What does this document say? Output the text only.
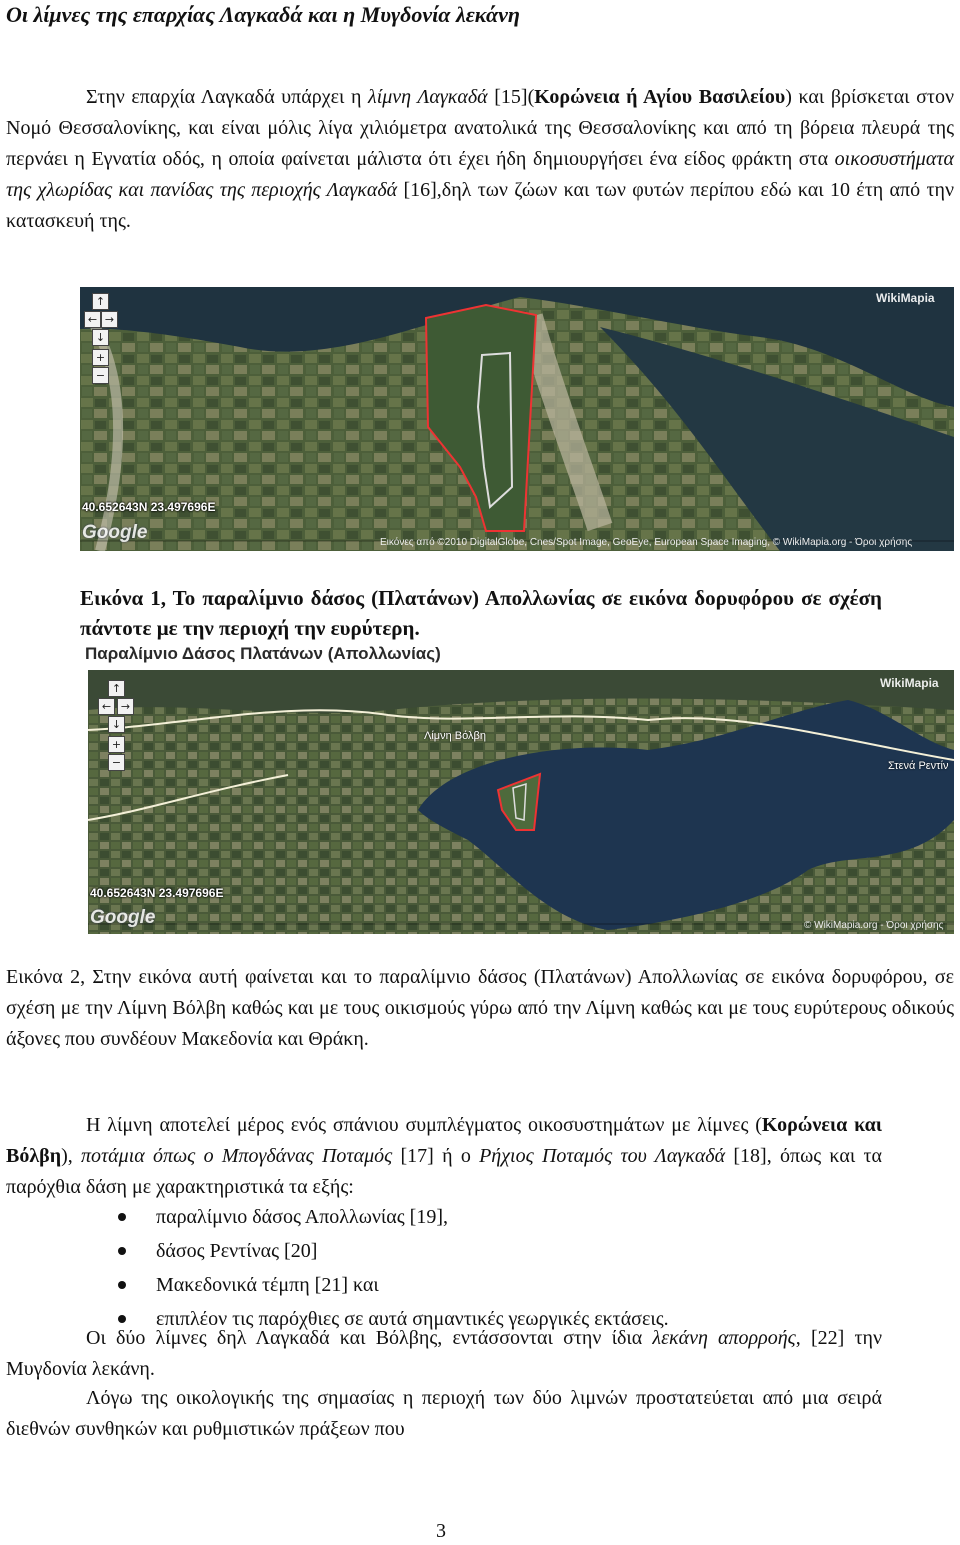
Οι λίμνες της επαρχίας Λαγκαδά και η Μυγδονία λεκάνη
Στην επαρχία Λαγκαδά υπάρχει η λίμνη Λαγκαδά [15](Κορώνεια ή Αγίου Βασιλείου) και βρίσκεται στον Νομό Θεσσαλονίκης, και είναι μόλις λίγα χιλιόμετρα ανατολικά της Θεσσαλονίκης και από τη βόρεια πλευρά της περνάει η Εγνατία οδός, η οποία φαίνεται μάλιστα ότι έχει ήδη δημιουργήσει ένα είδος φράκτη στα οικοσυστήματα της χλωρίδας και πανίδας της περιοχής Λαγκαδά [16],δηλ των ζώων και των φυτών περίπου εδώ και 10 έτη από την κατασκευή της.
↑
← →
↓
+
−
40.652643N 23.497696E
Google
WikiMapia
Εικόνες από ©2010 DigitalGlobe, Cnes/Spot Image, GeoEye, European Space Imaging, © WikiMapia.org - Όροι χρήσης
Εικόνα 1, Το παραλίμνιο δάσος (Πλατάνων) Απολλωνίας σε εικόνα δορυφόρου σε σχέση πάντοτε με την περιοχή την ευρύτερη.
Παραλίμνιο Δάσος Πλατάνων (Απολλωνίας)
↑
← →
↓
+
−
Λίμνη Βόλβη
Στενά Ρεντίν
40.652643N 23.497696E
Google
WikiMapia
© WikiMapia.org - Όροι χρήσης
Εικόνα 2, Στην εικόνα αυτή φαίνεται και το παραλίμνιο δάσος (Πλατάνων) Απολλωνίας σε εικόνα δορυφόρου, σε σχέση με την Λίμνη Βόλβη καθώς και με τους οικισμούς γύρω από την Λίμνη καθώς και με τους ευρύτερους οδικούς άξονες που συνδέουν Μακεδονία και Θράκη.
Η λίμνη αποτελεί μέρος ενός σπάνιου συμπλέγματος οικοσυστημάτων με λίμνες (Κορώνεια και Βόλβη), ποτάμια όπως ο Μπογδάνας Ποταμός [17] ή ο Ρήχιος Ποταμός του Λαγκαδά [18], όπως και τα παρόχθια δάση με χαρακτηριστικά τα εξής:
παραλίμνιο δάσος Απολλωνίας [19],
δάσος Ρεντίνας [20]
Μακεδονικά τέμπη [21] και
επιπλέον τις παρόχθιες σε αυτά σημαντικές γεωργικές εκτάσεις.
Οι δύο λίμνες δηλ Λαγκαδά και Βόλβης, εντάσσονται στην ίδια λεκάνη απορροής, [22] την Μυγδονία λεκάνη.
Λόγω της οικολογικής της σημασίας η περιοχή των δύο λιμνών προστατεύεται από μια σειρά διεθνών συνθηκών και ρυθμιστικών πράξεων που
3
